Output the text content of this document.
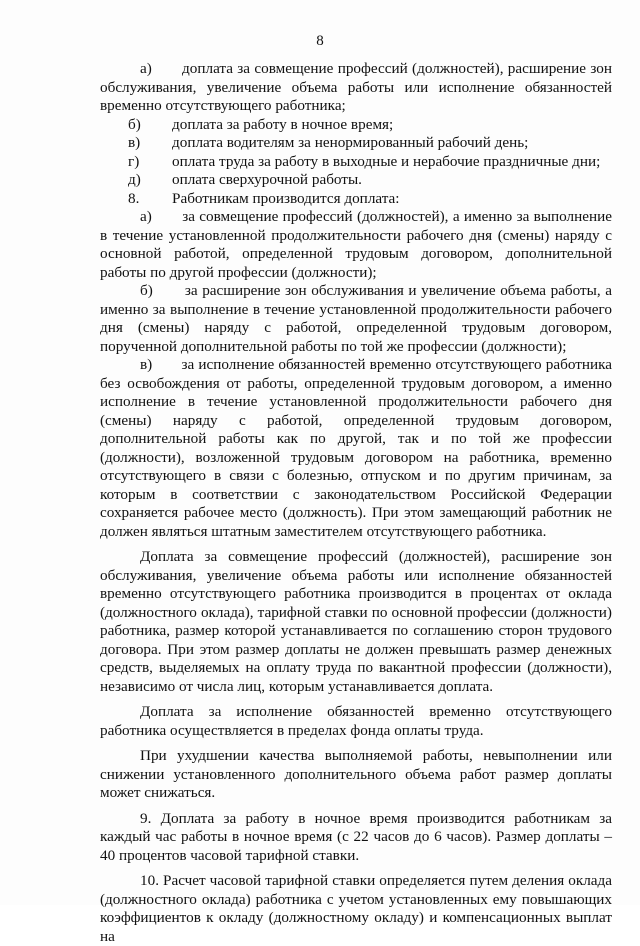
8

а)       доплата за совмещение профессий (должностей), расширение зон обслуживания, увеличение объема работы или исполнение обязанностей временно отсутствующего работника;

б)	доплата за работу в ночное время;
в)	доплата водителям за ненормированный рабочий день;
г)	оплата труда за работу в выходные и нерабочие праздничные дни;
д)	оплата сверхурочной работы.
8.	Работникам производится доплата:

а)       за совмещение профессий (должностей), а именно за выполнение в течение установленной продолжительности рабочего дня (смены) наряду с основной работой, определенной трудовым договором, дополнительной работы по другой профессии (должности);

б)       за расширение зон обслуживания и увеличение объема работы, а именно за выполнение в течение установленной продолжительности рабочего дня (смены) наряду с работой, определенной трудовым договором, порученной дополнительной работы по той же профессии (должности);

в)       за исполнение обязанностей временно отсутствующего работника без освобождения от работы, определенной трудовым договором, а именно исполнение в течение установленной продолжительности рабочего дня (смены) наряду с работой, определенной трудовым договором, дополнительной работы как по другой, так и по той же профессии (должности), возложенной трудовым договором на работника, временно отсутствующего в связи с болезнью, отпуском и по другим причинам, за которым в соответствии с законодательством Российской Федерации сохраняется рабочее место (должность). При этом замещающий работник не должен являться штатным заместителем отсутствующего работника.

Доплата за совмещение профессий (должностей), расширение зон обслуживания, увеличение объема работы или исполнение обязанностей временно отсутствующего работника производится в процентах от оклада (должностного оклада), тарифной ставки по основной профессии (должности) работника, размер которой устанавливается по соглашению сторон трудового договора. При этом размер доплаты не должен превышать размер денежных средств, выделяемых на оплату труда по вакантной профессии (должности), независимо от числа лиц, которым устанавливается доплата.

Доплата за исполнение обязанностей временно отсутствующего работника осуществляется в пределах фонда оплаты труда.

При ухудшении качества выполняемой работы, невыполнении или снижении установленного дополнительного объема работ размер доплаты может снижаться.

9. Доплата за работу в ночное время производится работникам за каждый час работы в ночное время (с 22 часов до 6 часов). Размер доплаты – 40 процентов часовой тарифной ставки.

10. Расчет часовой тарифной ставки определяется путем деления оклада (должностного оклада) работника с учетом установленных ему повышающих коэффициентов к окладу (должностному окладу) и компенсационных выплат на
